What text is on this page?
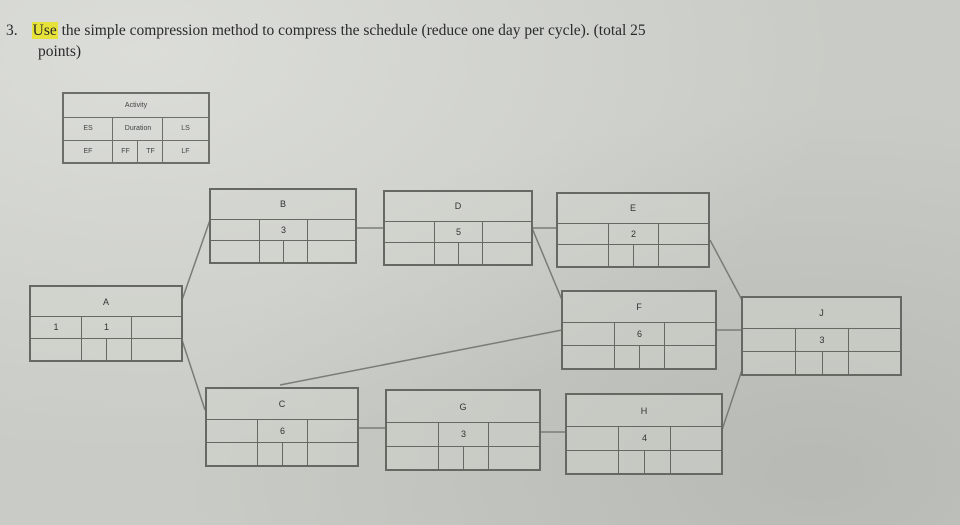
3. Use the simple compression method to compress the schedule (reduce one day per cycle). (total 25
points)
Activity
ES	Duration	LS
EF	FF	TF	LF
A
1	1
B
3
C
6
D
5
E
2
F
6
G
3
H
4
J
3
